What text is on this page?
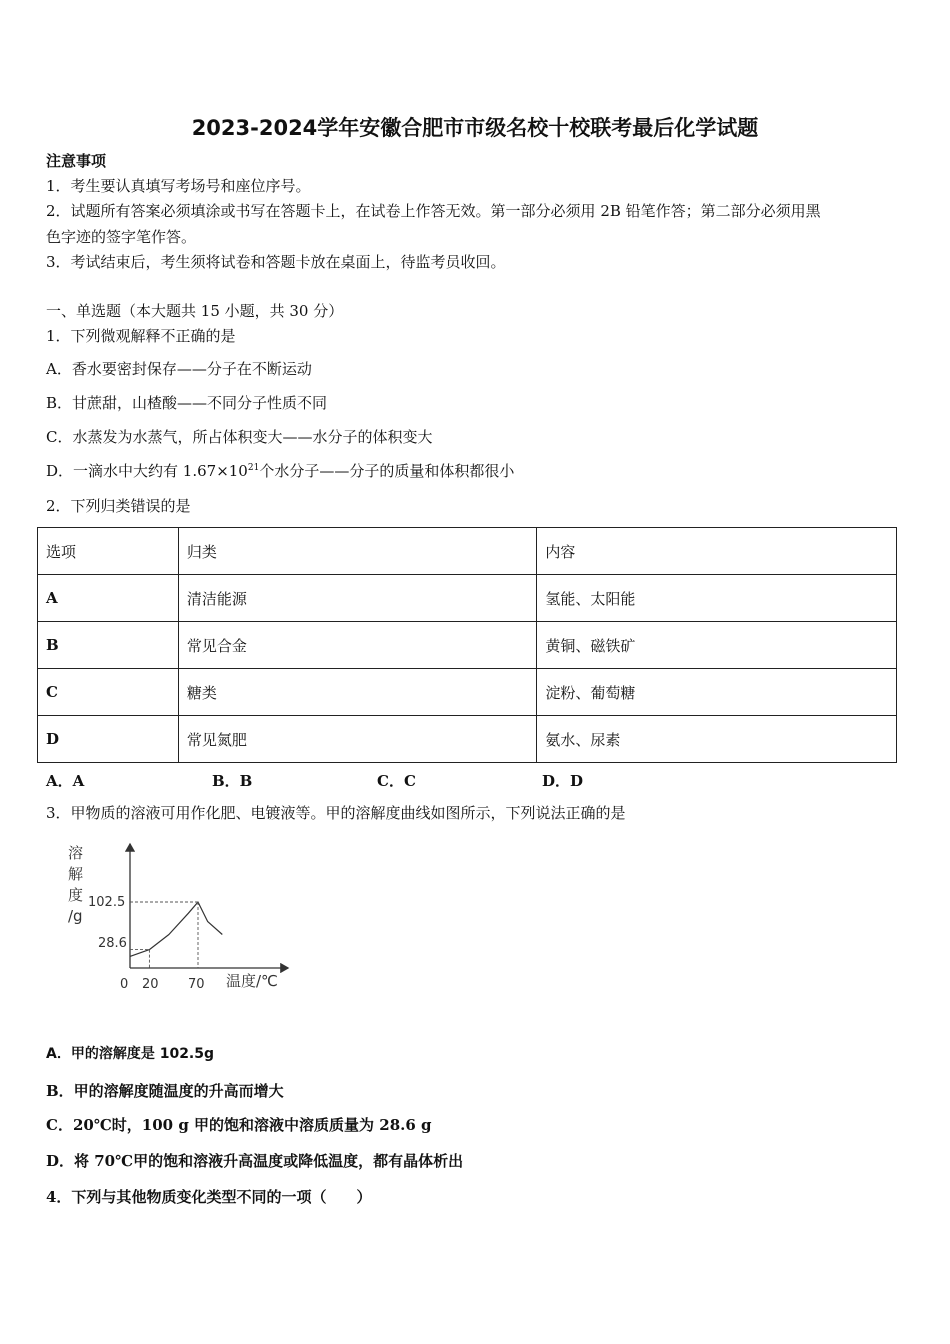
2023-2024学年安徽合肥市市级名校十校联考最后化学试题
注意事项
1．考生要认真填写考场号和座位序号。
2．试题所有答案必须填涂或书写在答题卡上，在试卷上作答无效。第一部分必须用 2B 铅笔作答；第二部分必须用黑
色字迹的签字笔作答。
3．考试结束后，考生须将试卷和答题卡放在桌面上，待监考员收回。
一、单选题（本大题共 15 小题，共 30 分）
1．下列微观解释不正确的是
A．香水要密封保存——分子在不断运动
B．甘蔗甜，山楂酸——不同分子性质不同
C．水蒸发为水蒸气，所占体积变大——水分子的体积变大
D．一滴水中大约有 $1.67\times 10^{21}$个水分子——分子的质量和体积都很小
2．下列归类错误的是
选项	归类	内容
A	清洁能源	氢能、太阳能
B	常见合金	黄铜、磁铁矿
C	糖类	淀粉、葡萄糖
D	常见氮肥	氨水、尿素
A．A	B．B	C．C	D．D
3．甲物质的溶液可用作化肥、电镀液等。甲的溶解度曲线如图所示，下列说法正确的是
溶
解
度
/g
0 20 70
102.5
28.6
温度/℃
A．甲的溶解度是 102.5g
B．甲的溶解度随温度的升高而增大
C．20℃时，100 g 甲的饱和溶液中溶质质量为 28.6 g
D．将 70℃甲的饱和溶液升高温度或降低温度，都有晶体析出
4．下列与其他物质变化类型不同的一项（　　）
